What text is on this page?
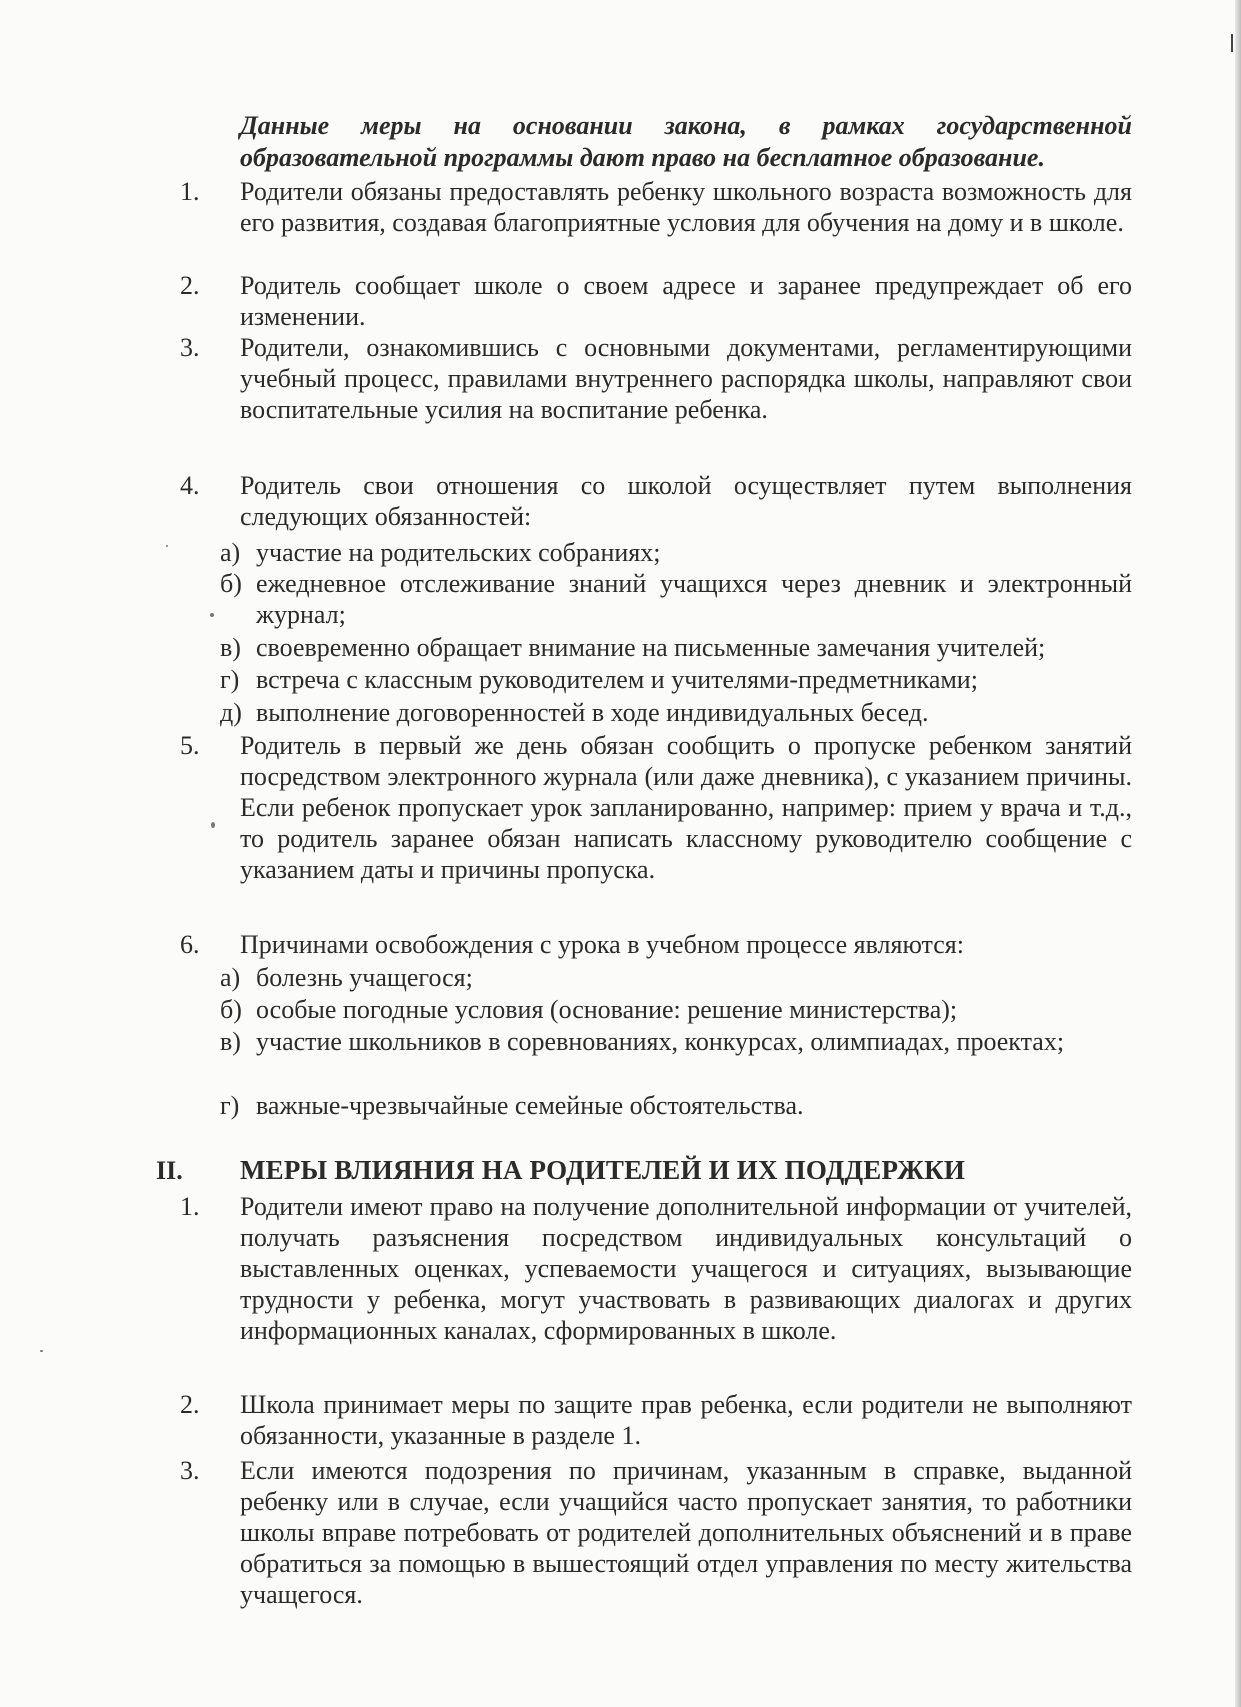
Данные меры на основании закона, в рамках государственной образовательной программы дают право на бесплатное образование.
1.	Родители обязаны предоставлять ребенку школьного возраста возможность для его развития, создавая благоприятные условия для обучения на дому и в школе.
2.	Родитель сообщает школе о своем адресе и заранее предупреждает об его изменении.
3.	Родители, ознакомившись с основными документами, регламентирующими учебный процесс, правилами внутреннего распорядка школы, направляют свои воспитательные усилия на воспитание ребенка.
4.	Родитель свои отношения со школой осуществляет путем выполнения следующих обязанностей:
а) участие на родительских собраниях;
б) ежедневное отслеживание знаний учащихся через дневник и электронный журнал;
в) своевременно обращает внимание на письменные замечания учителей;
г) встреча с классным руководителем и учителями-предметниками;
д) выполнение договоренностей в ходе индивидуальных бесед.
5.	Родитель в первый же день обязан сообщить о пропуске ребенком занятий посредством электронного журнала (или даже дневника), с указанием причины. Если ребенок пропускает урок запланированно, например: прием у врача и т.д., то родитель заранее обязан написать классному руководителю сообщение с указанием даты и причины пропуска.
6.	Причинами освобождения с урока в учебном процессе являются:
а) болезнь учащегося;
б) особые погодные условия (основание: решение министерства);
в) участие школьников в соревнованиях, конкурсах, олимпиадах, проектах;
г) важные-чрезвычайные семейные обстоятельства.
II. МЕРЫ ВЛИЯНИЯ НА РОДИТЕЛЕЙ И ИХ ПОДДЕРЖКИ
1.	Родители имеют право на получение дополнительной информации от учителей, получать разъяснения посредством индивидуальных консультаций о выставленных оценках, успеваемости учащегося и ситуациях, вызывающие трудности у ребенка, могут участвовать в развивающих диалогах и других информационных каналах, сформированных в школе.
2.	Школа принимает меры по защите прав ребенка, если родители не выполняют обязанности, указанные в разделе 1.
3.	Если имеются подозрения по причинам, указанным в справке, выданной ребенку или в случае, если учащийся часто пропускает занятия, то работники школы вправе потребовать от родителей дополнительных объяснений и в праве обратиться за помощью в вышестоящий отдел управления по месту жительства учащегося.
